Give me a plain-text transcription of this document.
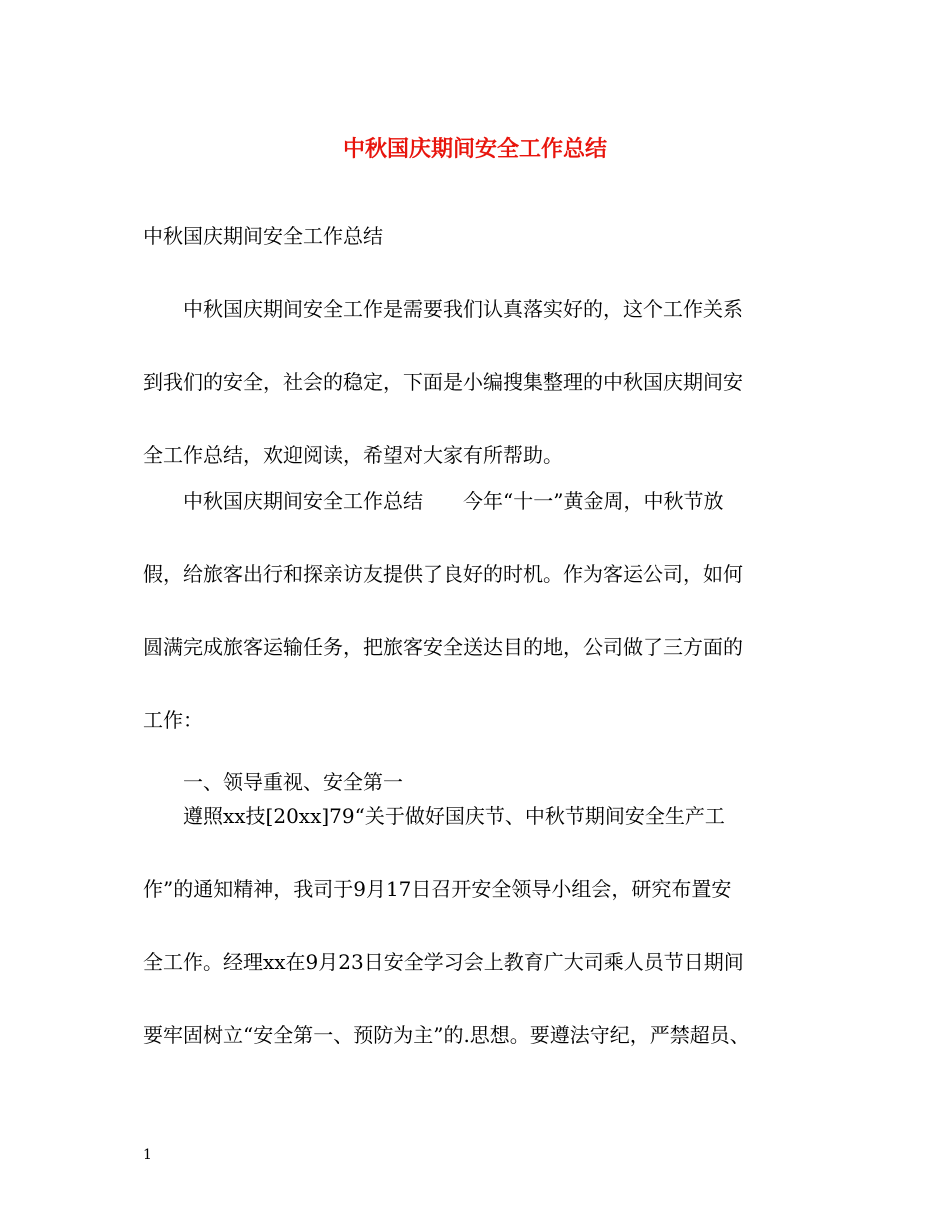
中秋国庆期间安全工作总结

中秋国庆期间安全工作总结

　　中秋国庆期间安全工作是需要我们认真落实好的，这个工作关系

到我们的安全，社会的稳定，下面是小编搜集整理的中秋国庆期间安

全工作总结，欢迎阅读，希望对大家有所帮助。

　　中秋国庆期间安全工作总结　　今年“十一”黄金周，中秋节放

假，给旅客出行和探亲访友提供了良好的时机。作为客运公司，如何

圆满完成旅客运输任务，把旅客安全送达目的地，公司做了三方面的

工作：

　　一、领导重视、安全第一

　　遵照xx技[20xx]79“关于做好国庆节、中秋节期间安全生产工

作”的通知精神，我司于9月17日召开安全领导小组会，研究布置安

全工作。经理xx在9月23日安全学习会上教育广大司乘人员节日期间

要牢固树立“安全第一、预防为主”的.思想。要遵法守纪，严禁超员、

1
